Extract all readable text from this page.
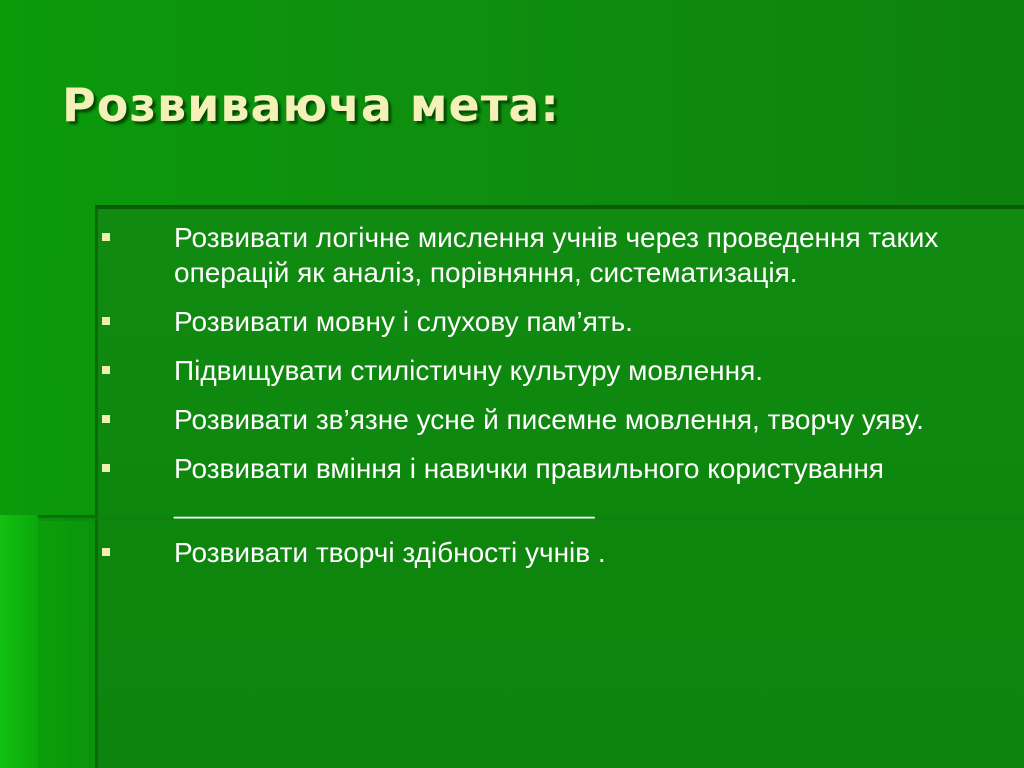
Розвиваюча мета:
Розвивати логічне мислення учнів через проведення таких операцій як аналіз, порівняння, систематизація.
Розвивати мовну і слухову пам’ять.
Підвищувати стилістичну культуру мовлення.
Розвивати зв’язне усне й писемне мовлення, творчу уяву.
Розвивати вміння і навички правильного користування ___________________________
Розвивати творчі здібності учнів .
